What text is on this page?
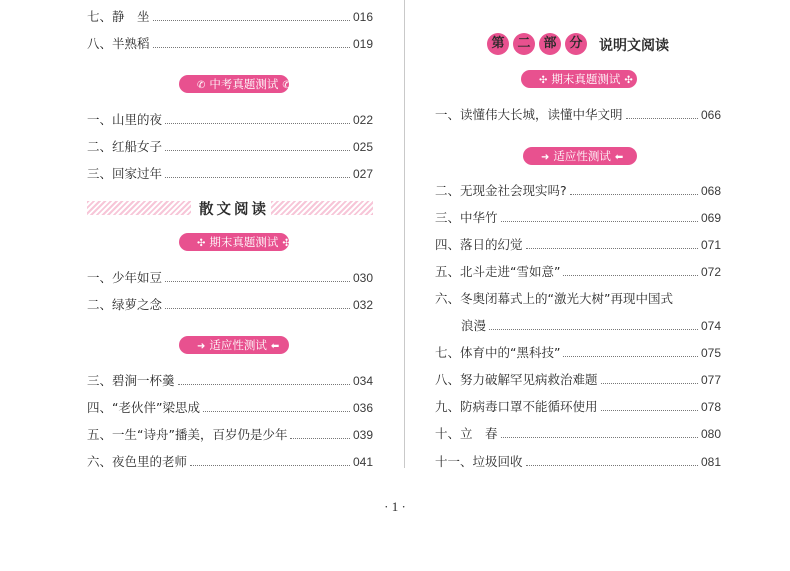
七、 静　坐	016
八、 半熟稻	019
✆ 中考真题测试 ✆
一、 山里的夜	022
二、 红船女子	025
三、 回家过年	027
散文阅读
✣ 期末真题测试 ✣
一、 少年如豆	030
二、 绿萝之念	032
➜ 适应性测试 ⬅
三、 碧涧一杯羹	034
四、 “老伙伴”梁思成	036
五、 一生“诗舟”播美，百岁仍是少年	039
六、 夜色里的老师	041
第 二 部 分	说明文阅读
✣ 期末真题测试 ✣
一、 读懂伟大长城，读懂中华文明	066
➜ 适应性测试 ⬅
二、 无现金社会现实吗?	068
三、 中华竹	069
四、 落日的幻觉	071
五、 北斗走进“雪如意”	072
六、 冬奥闭幕式上的“激光大树”再现中国式
浪漫	074
七、 体育中的“黑科技”	075
八、 努力破解罕见病救治难题	077
九、 防病毒口罩不能循环使用	078
十、 立　春	080
十一、 垃圾回收	081
· 1 ·
